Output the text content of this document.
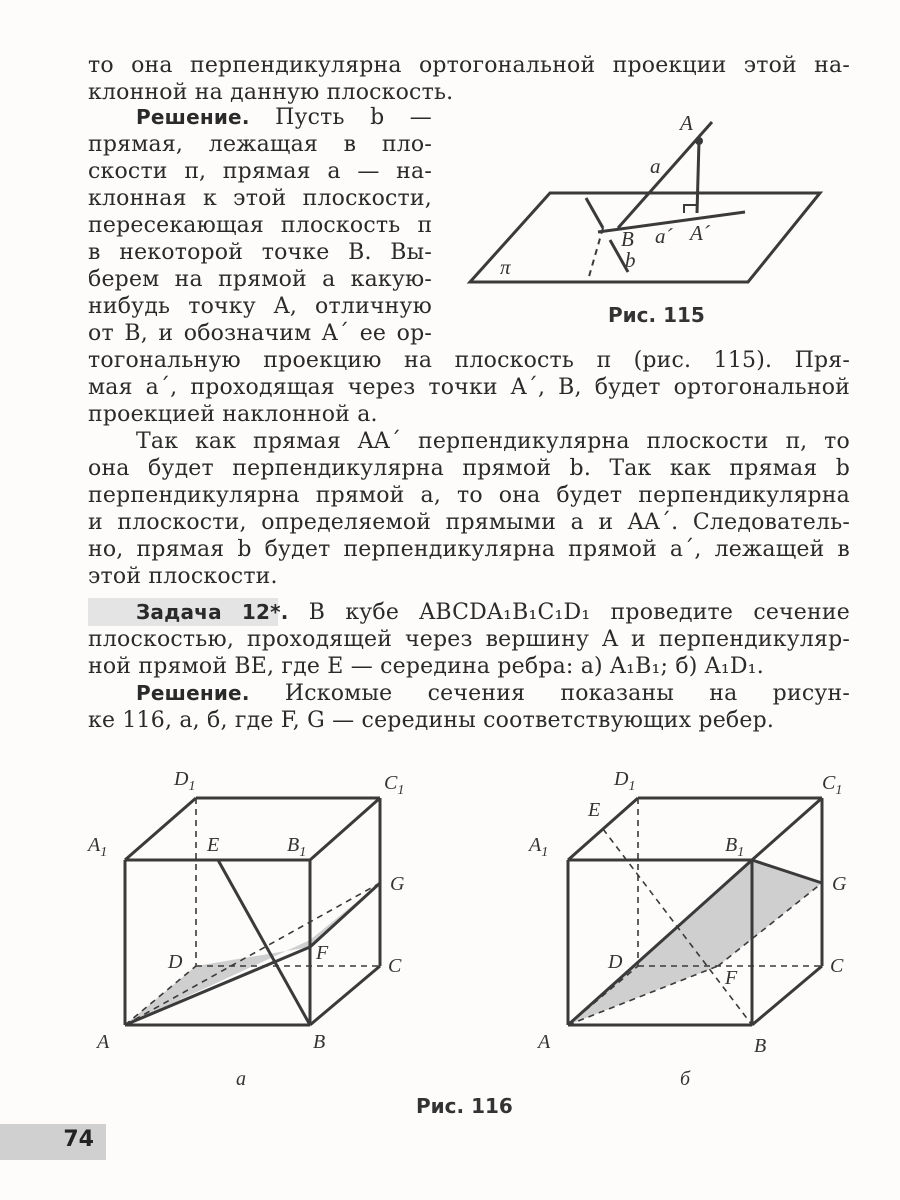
то она перпендикулярна ортогональной проекции этой на-
клонной на данную плоскость.
Решение. Пусть b —
прямая, лежащая в пло-
скости π, прямая a — на-
клонная к этой плоскости,
пересекающая плоскость π
в некоторой точке B. Вы-
берем на прямой a какую-
нибудь точку A, отличную
от B, и обозначим A´ ее ор-
тогональную проекцию на плоскость π (рис. 115). Пря-
мая a´, проходящая через точки A´, B, будет ортогональной
проекцией наклонной a.
Так как прямая AA´ перпендикулярна плоскости π, то
она будет перпендикулярна прямой b. Так как прямая b
перпендикулярна прямой a, то она будет перпендикулярна
и плоскости, определяемой прямыми a и AA´. Следователь-
но, прямая b будет перпендикулярна прямой a´, лежащей в
этой плоскости.
Задача 12*. В кубе ABCDA₁B₁C₁D₁ проведите сечение
плоскостью, проходящей через вершину A и перпендикуляр-
ной прямой BE, где E — середина ребра: а) A₁B₁; б) A₁D₁.
Решение. Искомые сечения показаны на рисун-
ке 116, а, б, где F, G — середины соответствующих ребер.
A
a
B a´ A´
b
π
Рис. 115
$D_1$	$C_1$
$A_1$	E	$B_1$
G
D	F
C
A	B
а
$D_1$	$C_1$
E
$A_1$	$B_1$
G
D
F
C
A	B
б
Рис. 116
74
